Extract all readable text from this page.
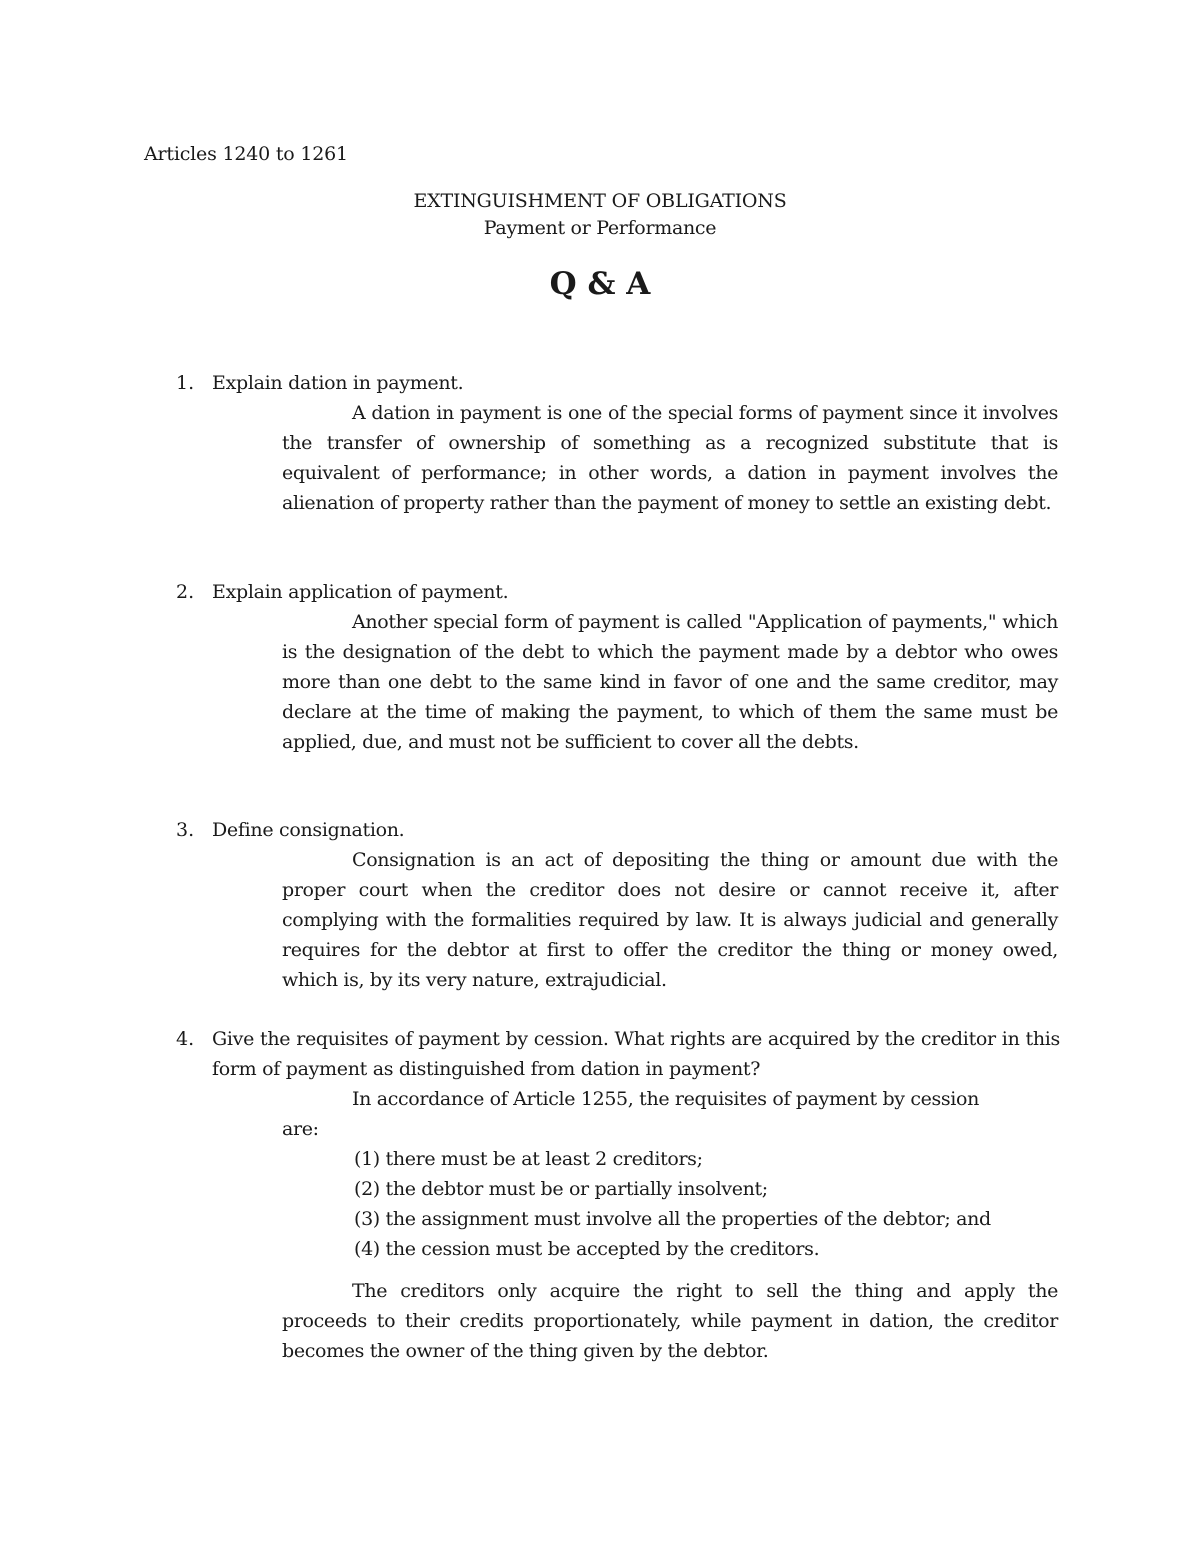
Articles 1240 to 1261
EXTINGUISHMENT OF OBLIGATIONS
Payment or Performance
Q & A
1. Explain dation in payment.
A dation in payment is one of the special forms of payment since it involves the transfer of ownership of something as a recognized substitute that is equivalent of performance; in other words, a dation in payment involves the alienation of property rather than the payment of money to settle an existing debt.
2. Explain application of payment.
Another special form of payment is called "Application of payments," which is the designation of the debt to which the payment made by a debtor who owes more than one debt to the same kind in favor of one and the same creditor, may declare at the time of making the payment, to which of them the same must be applied, due, and must not be sufficient to cover all the debts.
3. Define consignation.
Consignation is an act of depositing the thing or amount due with the proper court when the creditor does not desire or cannot receive it, after complying with the formalities required by law. It is always judicial and generally requires for the debtor at first to offer the creditor the thing or money owed, which is, by its very nature, extrajudicial.
4. Give the requisites of payment by cession. What rights are acquired by the creditor in this form of payment as distinguished from dation in payment?
In accordance of Article 1255, the requisites of payment by cession
are:
(1) there must be at least 2 creditors;
(2) the debtor must be or partially insolvent;
(3) the assignment must involve all the properties of the debtor; and
(4) the cession must be accepted by the creditors.
The creditors only acquire the right to sell the thing and apply the proceeds to their credits proportionately, while payment in dation, the creditor becomes the owner of the thing given by the debtor.
